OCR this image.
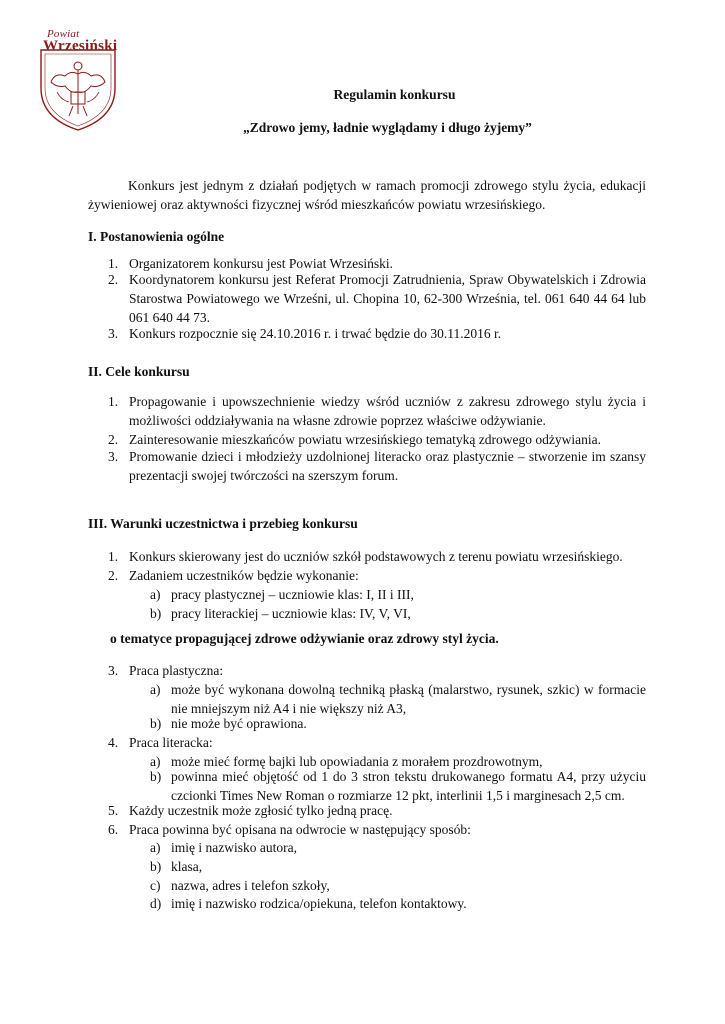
Powiat
Wrzesiński
Regulamin konkursu
„Zdrowo jemy, ładnie wyglądamy i długo żyjemy”
Konkurs jest jednym z działań podjętych w ramach promocji zdrowego stylu życia, edukacji żywieniowej oraz aktywności fizycznej wśród mieszkańców powiatu wrzesińskiego.
I. Postanowienia ogólne
1. Organizatorem konkursu jest Powiat Wrzesiński.
2. Koordynatorem konkursu jest Referat Promocji Zatrudnienia, Spraw Obywatelskich i Zdrowia Starostwa Powiatowego we Wrześni, ul. Chopina 10, 62-300 Września, tel. 061 640 44 64 lub 061 640 44 73.
3. Konkurs rozpocznie się 24.10.2016 r. i trwać będzie do 30.11.2016 r.
II. Cele konkursu
1. Propagowanie i upowszechnienie wiedzy wśród uczniów z zakresu zdrowego stylu życia i możliwości oddziaływania na własne zdrowie poprzez właściwe odżywianie.
2. Zainteresowanie mieszkańców powiatu wrzesińskiego tematyką zdrowego odżywiania.
3. Promowanie dzieci i młodzieży uzdolnionej literacko oraz plastycznie – stworzenie im szansy prezentacji swojej twórczości na szerszym forum.
III. Warunki uczestnictwa i przebieg konkursu
1. Konkurs skierowany jest do uczniów szkół podstawowych z terenu powiatu wrzesińskiego.
2. Zadaniem uczestników będzie wykonanie:
a) pracy plastycznej – uczniowie klas: I, II i III,
b) pracy literackiej – uczniowie klas: IV, V, VI,
o tematyce propagującej zdrowe odżywianie oraz zdrowy styl życia.
3. Praca plastyczna:
a) może być wykonana dowolną techniką płaską (malarstwo, rysunek, szkic) w formacie nie mniejszym niż A4 i nie większy niż A3,
b) nie może być oprawiona.
4. Praca literacka:
a) może mieć formę bajki lub opowiadania z morałem prozdrowotnym,
b) powinna mieć objętość od 1 do 3 stron tekstu drukowanego formatu A4, przy użyciu czcionki Times New Roman o rozmiarze 12 pkt, interlinii 1,5 i marginesach 2,5 cm.
5. Każdy uczestnik może zgłosić tylko jedną pracę.
6. Praca powinna być opisana na odwrocie w następujący sposób:
a) imię i nazwisko autora,
b) klasa,
c) nazwa, adres i telefon szkoły,
d) imię i nazwisko rodzica/opiekuna, telefon kontaktowy.
